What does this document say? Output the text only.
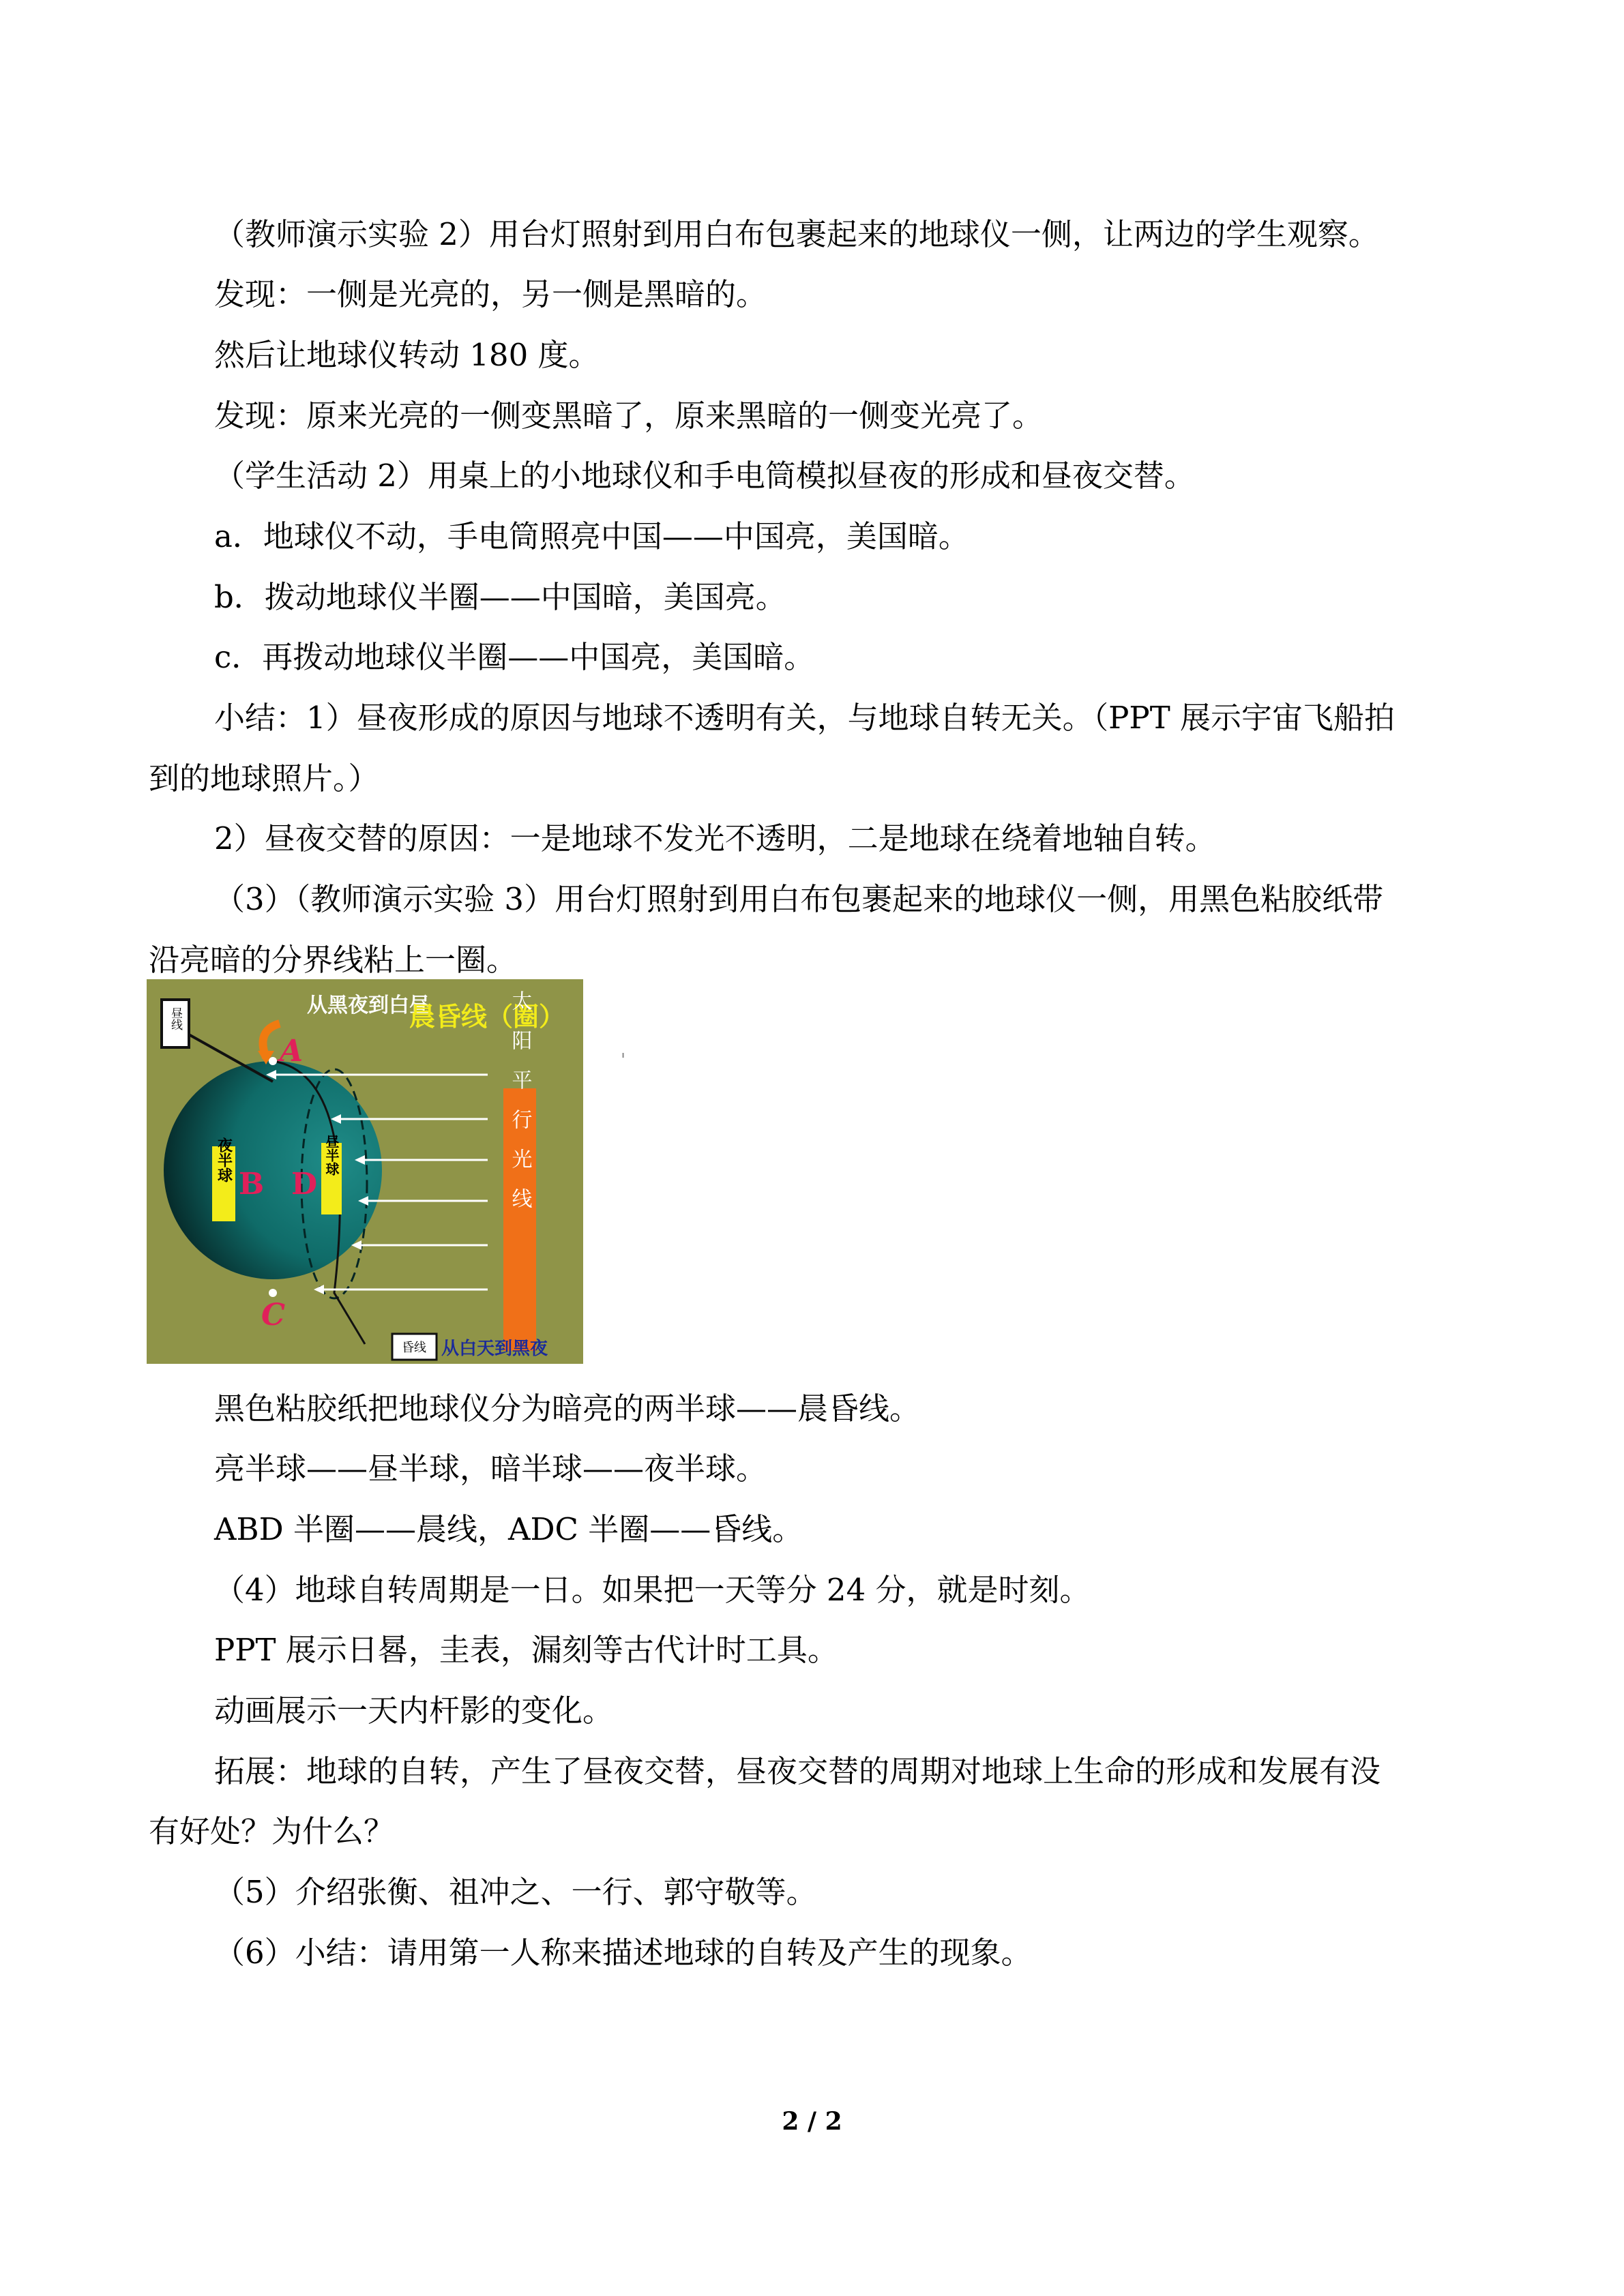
（教师演示实验 2）用台灯照射到用白布包裹起来的地球仪一侧，让两边的学生观察。
发现：一侧是光亮的，另一侧是黑暗的。
然后让地球仪转动 180 度。
发现：原来光亮的一侧变黑暗了，原来黑暗的一侧变光亮了。
（学生活动 2）用桌上的小地球仪和手电筒模拟昼夜的形成和昼夜交替。
a．地球仪不动，手电筒照亮中国——中国亮，美国暗。
b．拨动地球仪半圈——中国暗，美国亮。
c．再拨动地球仪半圈——中国亮，美国暗。
小结：1）昼夜形成的原因与地球不透明有关，与地球自转无关。（PPT 展示宇宙飞船拍
到的地球照片。）
2）昼夜交替的原因：一是地球不发光不透明，二是地球在绕着地轴自转。
（3）（教师演示实验 3）用台灯照射到用白布包裹起来的地球仪一侧，用黑色粘胶纸带
沿亮暗的分界线粘上一圈。
从黑夜到白昼
晨昏线（圈）
昼线
A
B D
C
夜半球	昼半球	太阳平行光线
昏线 从白天到黑夜
'
黑色粘胶纸把地球仪分为暗亮的两半球——晨昏线。
亮半球——昼半球，暗半球——夜半球。
ABD 半圈——晨线，ADC 半圈——昏线。
（4）地球自转周期是一日。如果把一天等分 24 分，就是时刻。
PPT 展示日晷，圭表，漏刻等古代计时工具。
动画展示一天内杆影的变化。
拓展：地球的自转，产生了昼夜交替，昼夜交替的周期对地球上生命的形成和发展有没
有好处？为什么？
（5）介绍张衡、祖冲之、一行、郭守敬等。
（6）小结：请用第一人称来描述地球的自转及产生的现象。
2 / 2
